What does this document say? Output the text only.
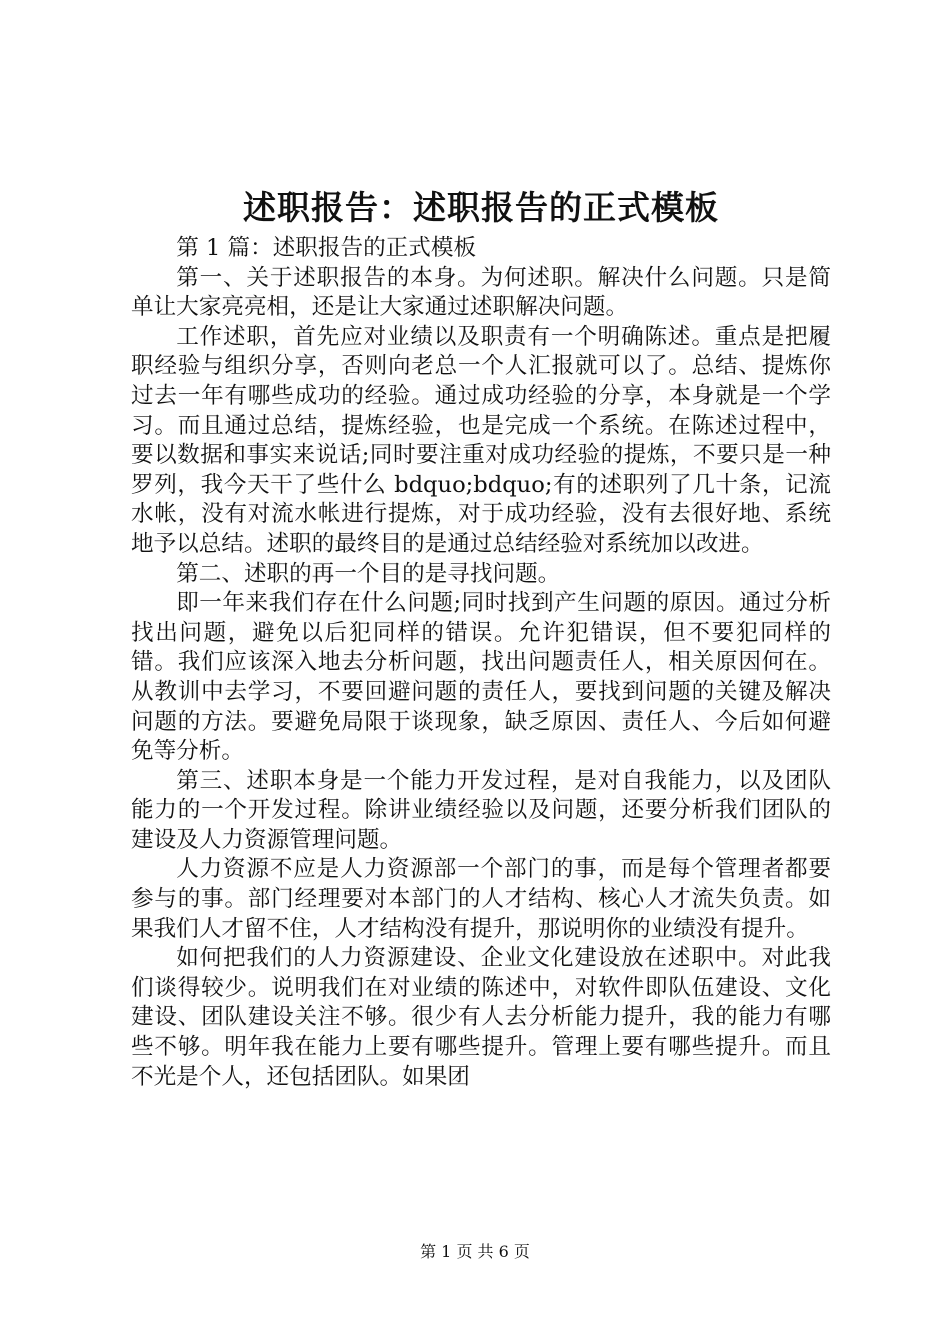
述职报告：述职报告的正式模板

第 1 篇：述职报告的正式模板

第一、关于述职报告的本身。为何述职。解决什么问题。只是简单让大家亮亮相，还是让大家通过述职解决问题。

工作述职，首先应对业绩以及职责有一个明确陈述。重点是把履职经验与组织分享，否则向老总一个人汇报就可以了。总结、提炼你过去一年有哪些成功的经验。通过成功经验的分享，本身就是一个学习。而且通过总结，提炼经验，也是完成一个系统。在陈述过程中，要以数据和事实来说话;同时要注重对成功经验的提炼，不要只是一种罗列，我今天干了些什么 bdquo;bdquo;有的述职列了几十条，记流水帐，没有对流水帐进行提炼，对于成功经验，没有去很好地、系统地予以总结。述职的最终目的是通过总结经验对系统加以改进。

第二、述职的再一个目的是寻找问题。

即一年来我们存在什么问题;同时找到产生问题的原因。通过分析找出问题，避免以后犯同样的错误。允许犯错误，但不要犯同样的错。我们应该深入地去分析问题，找出问题责任人，相关原因何在。从教训中去学习，不要回避问题的责任人，要找到问题的关键及解决问题的方法。要避免局限于谈现象，缺乏原因、责任人、今后如何避免等分析。

第三、述职本身是一个能力开发过程，是对自我能力，以及团队能力的一个开发过程。除讲业绩经验以及问题，还要分析我们团队的建设及人力资源管理问题。

人力资源不应是人力资源部一个部门的事，而是每个管理者都要参与的事。部门经理要对本部门的人才结构、核心人才流失负责。如果我们人才留不住，人才结构没有提升，那说明你的业绩没有提升。

如何把我们的人力资源建设、企业文化建设放在述职中。对此我们谈得较少。说明我们在对业绩的陈述中，对软件即队伍建设、文化建设、团队建设关注不够。很少有人去分析能力提升，我的能力有哪些不够。明年我在能力上要有哪些提升。管理上要有哪些提升。而且不光是个人，还包括团队。如果团

第 1 页 共 6 页
